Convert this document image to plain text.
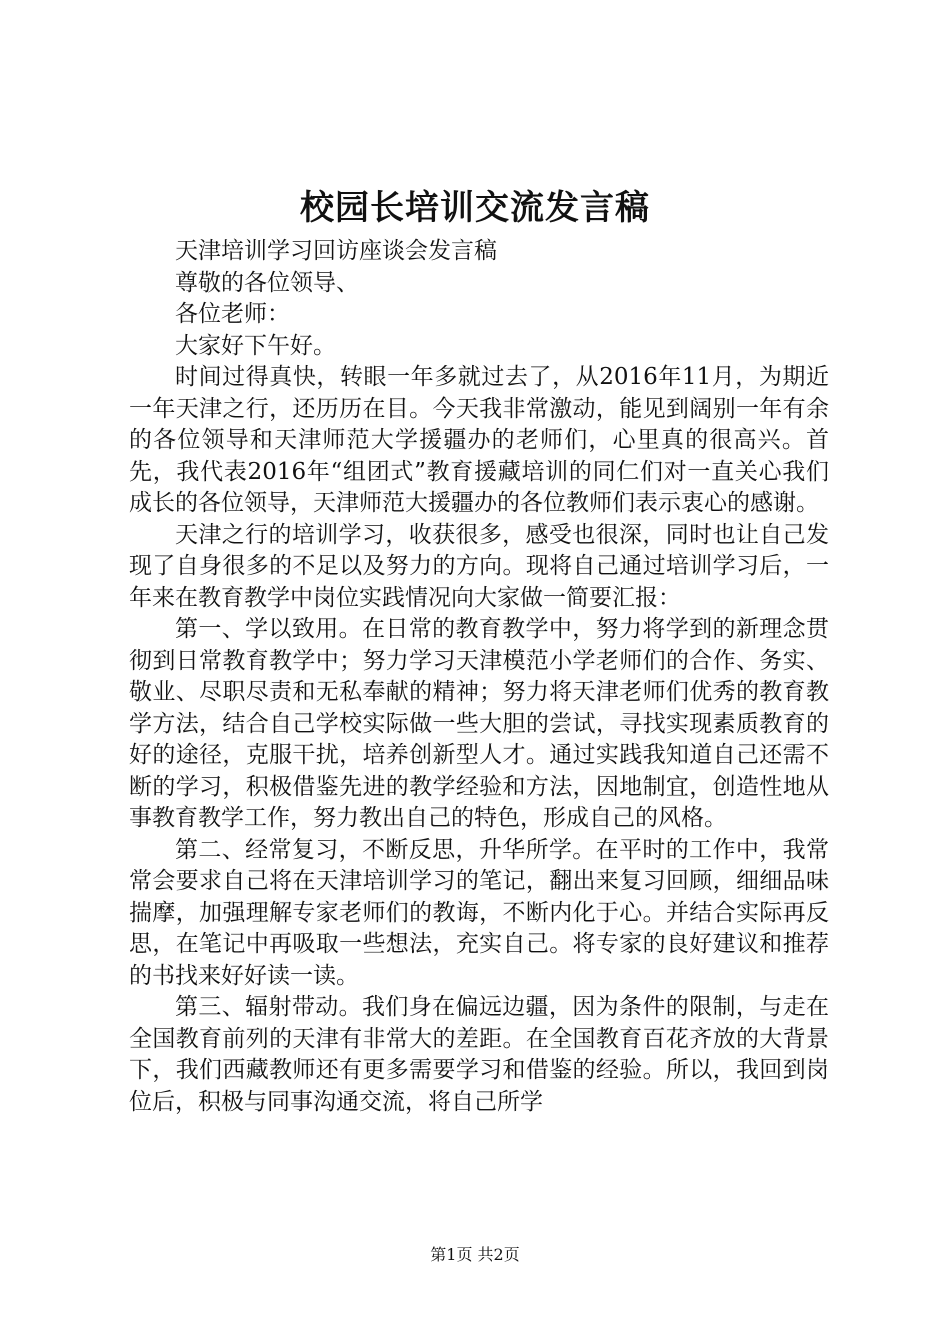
校园长培训交流发言稿

天津培训学习回访座谈会发言稿

尊敬的各位领导、

各位老师：

大家好下午好。

时间过得真快，转眼一年多就过去了，从2016年11月，为期近一年天津之行，还历历在目。今天我非常激动，能见到阔别一年有余的各位领导和天津师范大学援疆办的老师们，心里真的很高兴。首先，我代表2016年“组团式”教育援藏培训的同仁们对一直关心我们成长的各位领导，天津师范大援疆办的各位教师们表示衷心的感谢。

天津之行的培训学习，收获很多，感受也很深，同时也让自己发现了自身很多的不足以及努力的方向。现将自己通过培训学习后，一年来在教育教学中岗位实践情况向大家做一简要汇报：

第一、学以致用。在日常的教育教学中，努力将学到的新理念贯彻到日常教育教学中；努力学习天津模范小学老师们的合作、务实、敬业、尽职尽责和无私奉献的精神；努力将天津老师们优秀的教育教学方法，结合自己学校实际做一些大胆的尝试，寻找实现素质教育的好的途径，克服干扰，培养创新型人才。通过实践我知道自己还需不断的学习，积极借鉴先进的教学经验和方法，因地制宜，创造性地从事教育教学工作，努力教出自己的特色，形成自己的风格。

第二、经常复习，不断反思，升华所学。在平时的工作中，我常常会要求自己将在天津培训学习的笔记，翻出来复习回顾，细细品味揣摩，加强理解专家老师们的教诲，不断内化于心。并结合实际再反思，在笔记中再吸取一些想法，充实自己。将专家的良好建议和推荐的书找来好好读一读。

第三、辐射带动。我们身在偏远边疆，因为条件的限制，与走在全国教育前列的天津有非常大的差距。在全国教育百花齐放的大背景下，我们西藏教师还有更多需要学习和借鉴的经验。所以，我回到岗位后，积极与同事沟通交流，将自己所学

第1页 共2页
